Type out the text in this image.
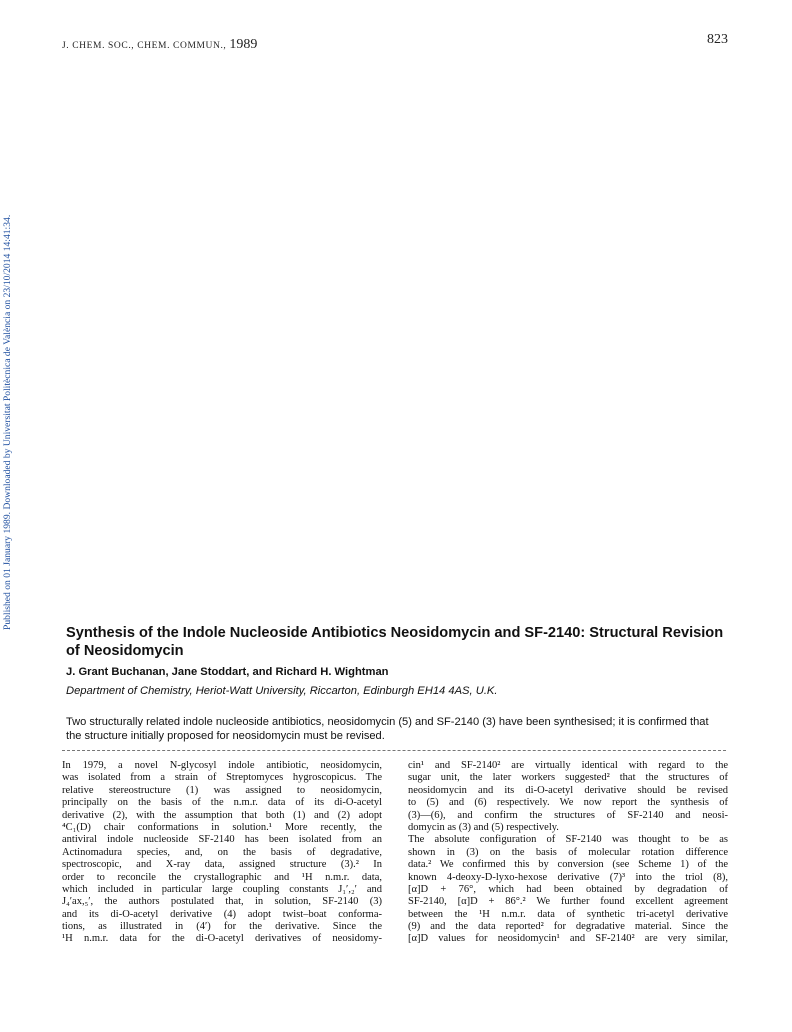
J. CHEM. SOC., CHEM. COMMUN., 1989	823
Published on 01 January 1989. Downloaded by Universitat Politècnica de València on 23/10/2014 14:41:34.
Synthesis of the Indole Nucleoside Antibiotics Neosidomycin and SF-2140: Structural Revision of Neosidomycin

J. Grant Buchanan, Jane Stoddart, and Richard H. Wightman

Department of Chemistry, Heriot-Watt University, Riccarton, Edinburgh EH14 4AS, U.K.

Two structurally related indole nucleoside antibiotics, neosidomycin (5) and SF-2140 (3) have been synthesised; it is confirmed that the structure initially proposed for neosidomycin must be revised.

In 1979, a novel N-glycosyl indole antibiotic, neosidomycin,
was isolated from a strain of Streptomyces hygroscopicus. The
relative stereostructure (1) was assigned to neosidomycin,
principally on the basis of the n.m.r. data of its di-O-acetyl
derivative (2), with the assumption that both (1) and (2) adopt
⁴C₁(D) chair conformations in solution.¹ More recently, the
antiviral indole nucleoside SF-2140 has been isolated from an
Actinomadura species, and, on the basis of degradative,
spectroscopic, and X-ray data, assigned structure (3).² In
order to reconcile the crystallographic and ¹H n.m.r. data,
which included in particular large coupling constants J₁′,₂′ and
J₄′ax,₅′, the authors postulated that, in solution, SF-2140 (3)
and its di-O-acetyl derivative (4) adopt twist–boat conforma-
tions, as illustrated in (4′) for the derivative. Since the
¹H n.m.r. data for the di-O-acetyl derivatives of neosidomy-
cin¹ and SF-2140² are virtually identical with regard to the
sugar unit, the later workers suggested² that the structures of
neosidomycin and its di-O-acetyl derivative should be revised
to (5) and (6) respectively. We now report the synthesis of
(3)—(6), and confirm the structures of SF-2140 and neosi-
domycin as (3) and (5) respectively.
The absolute configuration of SF-2140 was thought to be as
shown in (3) on the basis of molecular rotation difference
data.² We confirmed this by conversion (see Scheme 1) of the
known 4-deoxy-D-lyxo-hexose derivative (7)³ into the triol (8),
[α]D + 76°, which had been obtained by degradation of
SF-2140, [α]D + 86°.² We further found excellent agreement
between the ¹H n.m.r. data of synthetic tri-acetyl derivative
(9) and the data reported² for degradative material. Since the
[α]D values for neosidomycin¹ and SF-2140² are very similar,
